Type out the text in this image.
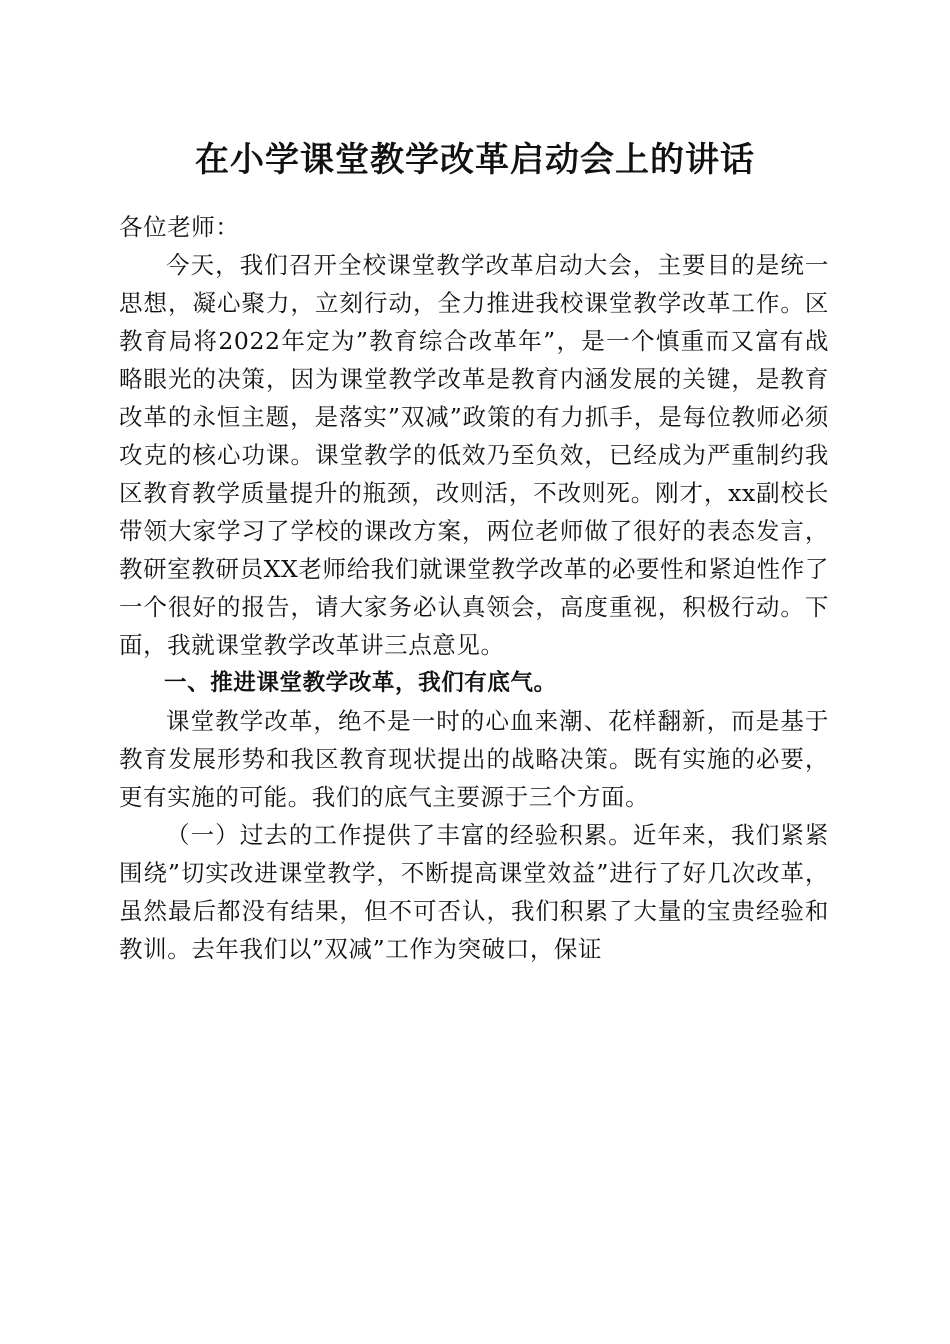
在小学课堂教学改革启动会上的讲话

各位老师：

今天，我们召开全校课堂教学改革启动大会，主要目的是统一思想，凝心聚力，立刻行动，全力推进我校课堂教学改革工作。区教育局将2022年定为”教育综合改革年”，是一个慎重而又富有战略眼光的决策，因为课堂教学改革是教育内涵发展的关键，是教育改革的永恒主题，是落实”双减”政策的有力抓手，是每位教师必须攻克的核心功课。课堂教学的低效乃至负效，已经成为严重制约我区教育教学质量提升的瓶颈，改则活，不改则死。刚才，xx副校长带领大家学习了学校的课改方案，两位老师做了很好的表态发言，教研室教研员XX老师给我们就课堂教学改革的必要性和紧迫性作了一个很好的报告，请大家务必认真领会，高度重视，积极行动。下面，我就课堂教学改革讲三点意见。

一、推进课堂教学改革，我们有底气。

课堂教学改革，绝不是一时的心血来潮、花样翻新，而是基于教育发展形势和我区教育现状提出的战略决策。既有实施的必要，更有实施的可能。我们的底气主要源于三个方面。

（一）过去的工作提供了丰富的经验积累。近年来，我们紧紧围绕”切实改进课堂教学，不断提高课堂效益”进行了好几次改革，虽然最后都没有结果，但不可否认，我们积累了大量的宝贵经验和教训。去年我们以”双减”工作为突破口，保证
